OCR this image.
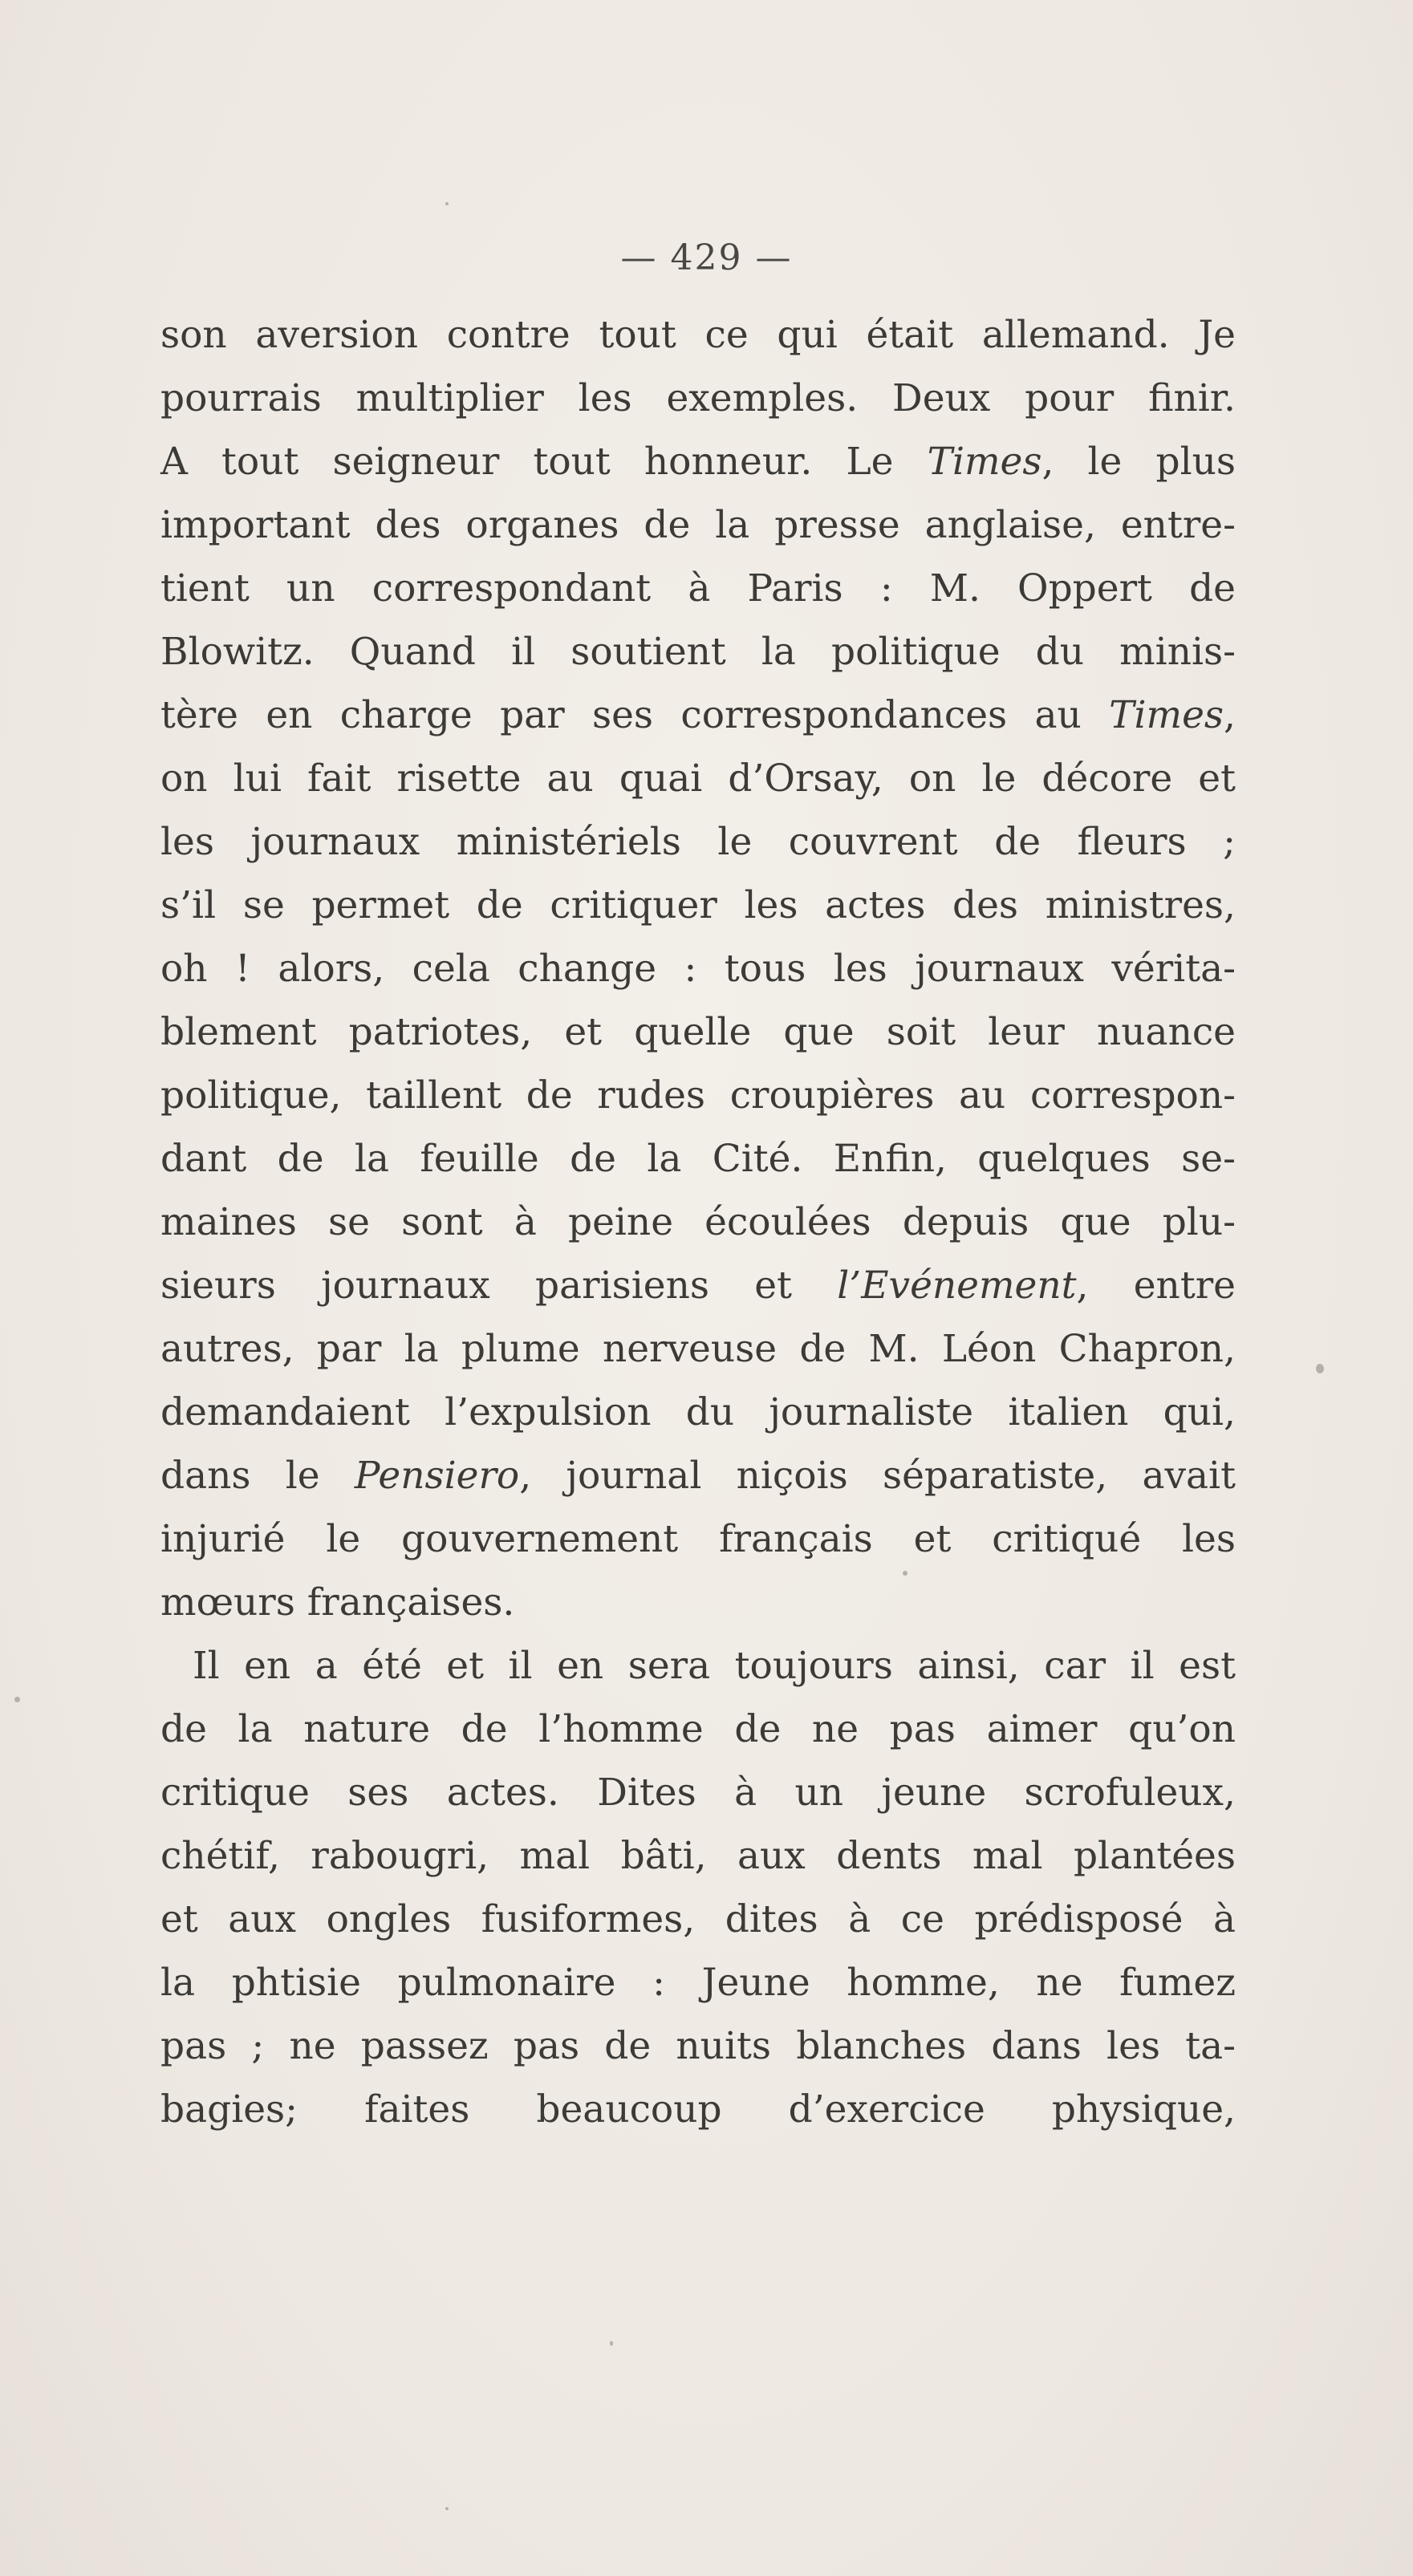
— 429 —
son aversion contre tout ce qui était allemand. Je
pourrais multiplier les exemples. Deux pour finir.
A tout seigneur tout honneur. Le Times, le plus
important des organes de la presse anglaise, entre-
tient un correspondant à Paris : M. Oppert de
Blowitz. Quand il soutient la politique du minis-
tère en charge par ses correspondances au Times,
on lui fait risette au quai d’Orsay, on le décore et
les journaux ministériels le couvrent de fleurs ;
s’il se permet de critiquer les actes des ministres,
oh ! alors, cela change : tous les journaux vérita-
blement patriotes, et quelle que soit leur nuance
politique, taillent de rudes croupières au correspon-
dant de la feuille de la Cité. Enfin, quelques se-
maines se sont à peine écoulées depuis que plu-
sieurs journaux parisiens et l’Evénement, entre
autres, par la plume nerveuse de M. Léon Chapron,
demandaient l’expulsion du journaliste italien qui,
dans le Pensiero, journal niçois séparatiste, avait
injurié le gouvernement français et critiqué les
mœurs françaises.
Il en a été et il en sera toujours ainsi, car il est
de la nature de l’homme de ne pas aimer qu’on
critique ses actes. Dites à un jeune scrofuleux,
chétif, rabougri, mal bâti, aux dents mal plantées
et aux ongles fusiformes, dites à ce prédisposé à
la phtisie pulmonaire : Jeune homme, ne fumez
pas ; ne passez pas de nuits blanches dans les ta-
bagies; faites beaucoup d’exercice physique,
